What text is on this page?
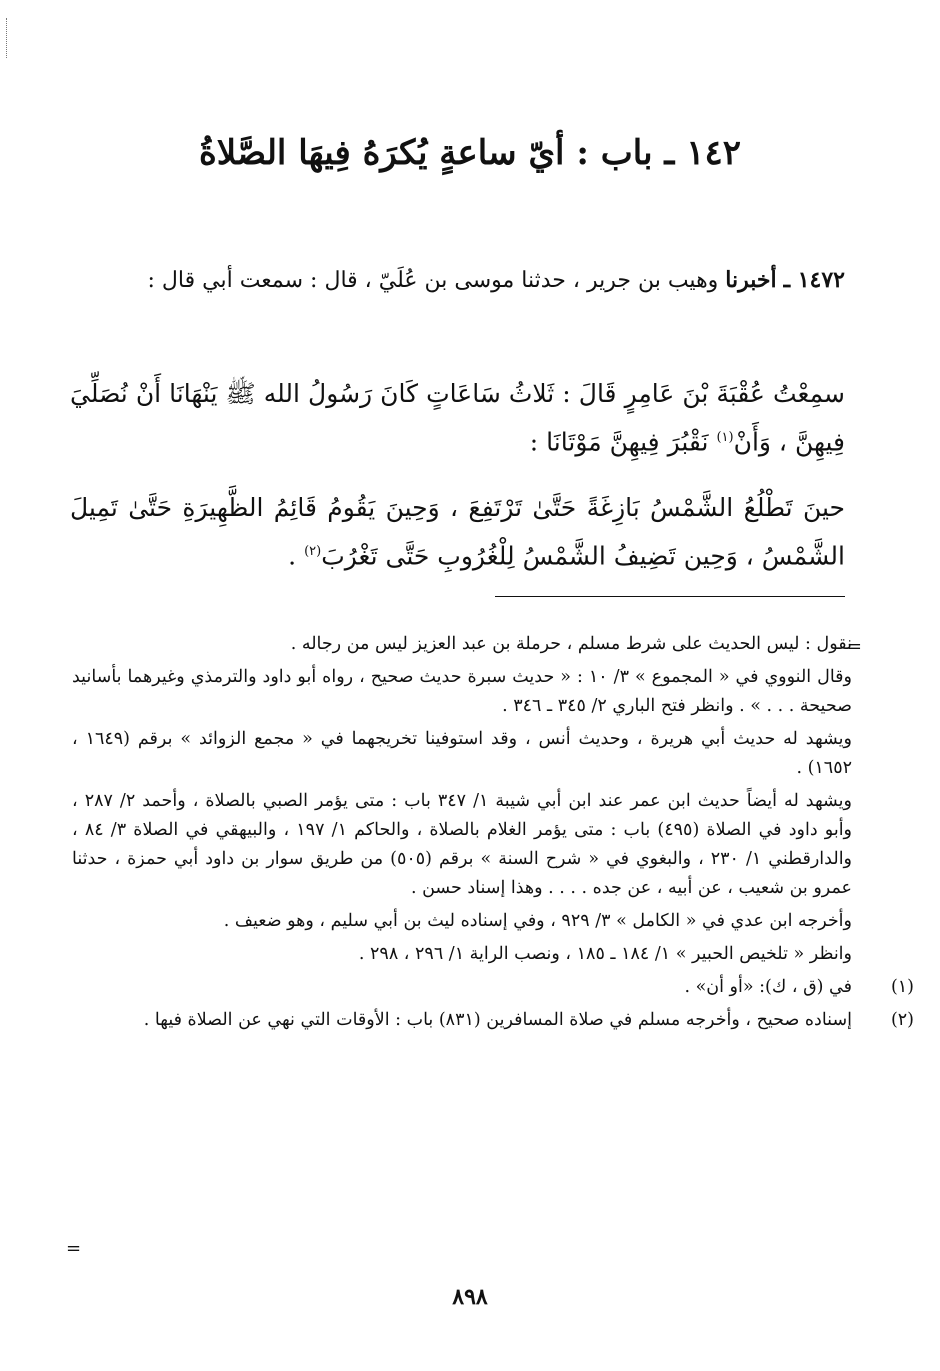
١٤٢ ـ باب : أيّ ساعةٍ يُكرَهُ فِيهَا الصَّلاةُ
١٤٧٢ ـ أخبرنا وهيب بن جرير ، حدثنا موسى بن عُلَيّ ، قال : سمعت أبي قال :
سمِعْتُ عُقْبَةَ بْنَ عَامِرٍ قَالَ : ثَلاثُ سَاعَاتٍ كَانَ رَسُولُ الله ﷺ يَنْهَانَا أَنْ نُصَلِّيَ فِيهِنَّ ، وَأَنْ$^{(١)}$ نَقْبُرَ فِيهِنَّ مَوْتَانَا :
حينَ تَطْلُعُ الشَّمْسُ بَازِغَةً حَتَّىٰ تَرْتَفِعَ ، وَحِينَ يَقُومُ قَائِمُ الظَّهِيرَةِ حَتَّىٰ تَمِيلَ الشَّمْسُ ، وَحِين تَضِيفُ الشَّمْسُ لِلْغُرُوبِ حَتَّى تَغْرُبَ$^{(٢)}$ .
=

نقول : ليس الحديث على شرط مسلم ، حرملة بن عبد العزيز ليس من رجاله .

وقال النووي في « المجموع » ٣/ ١٠ : « حديث سبرة حديث صحيح ، رواه أبو داود والترمذي وغيرهما بأسانيد صحيحة . . . » . وانظر فتح الباري ٢/ ٣٤٥ ـ ٣٤٦ .

ويشهد له حديث أبي هريرة ، وحديث أنس ، وقد استوفينا تخريجهما في « مجمع الزوائد » برقم (١٦٤٩ ، ١٦٥٢) .

ويشهد له أيضاً حديث ابن عمر عند ابن أبي شيبة ١/ ٣٤٧ باب : متى يؤمر الصبي بالصلاة ، وأحمد ٢/ ٢٨٧ ، وأبو داود في الصلاة (٤٩٥) باب : متى يؤمر الغلام بالصلاة ، والحاكم ١/ ١٩٧ ، والبيهقي في الصلاة ٣/ ٨٤ ، والدارقطني ١/ ٢٣٠ ، والبغوي في « شرح السنة » برقم (٥٠٥) من طريق سوار بن داود أبي حمزة ، حدثنا عمرو بن شعيب ، عن أبيه ، عن جده . . . . وهذا إسناد حسن .

وأخرجه ابن عدي في « الكامل » ٣/ ٩٢٩ ، وفي إسناده ليث بن أبي سليم ، وهو ضعيف .

وانظر « تلخيص الحبير » ١/ ١٨٤ ـ ١٨٥ ، ونصب الراية ١/ ٢٩٦ ، ٢٩٨ .

(١)
في (ق ، ك): «أو أن» .
(٢)
إسناده صحيح ، وأخرجه مسلم في صلاة المسافرين (٨٣١) باب : الأوقات التي نهي عن الصلاة فيها .
=
٨٩٨
